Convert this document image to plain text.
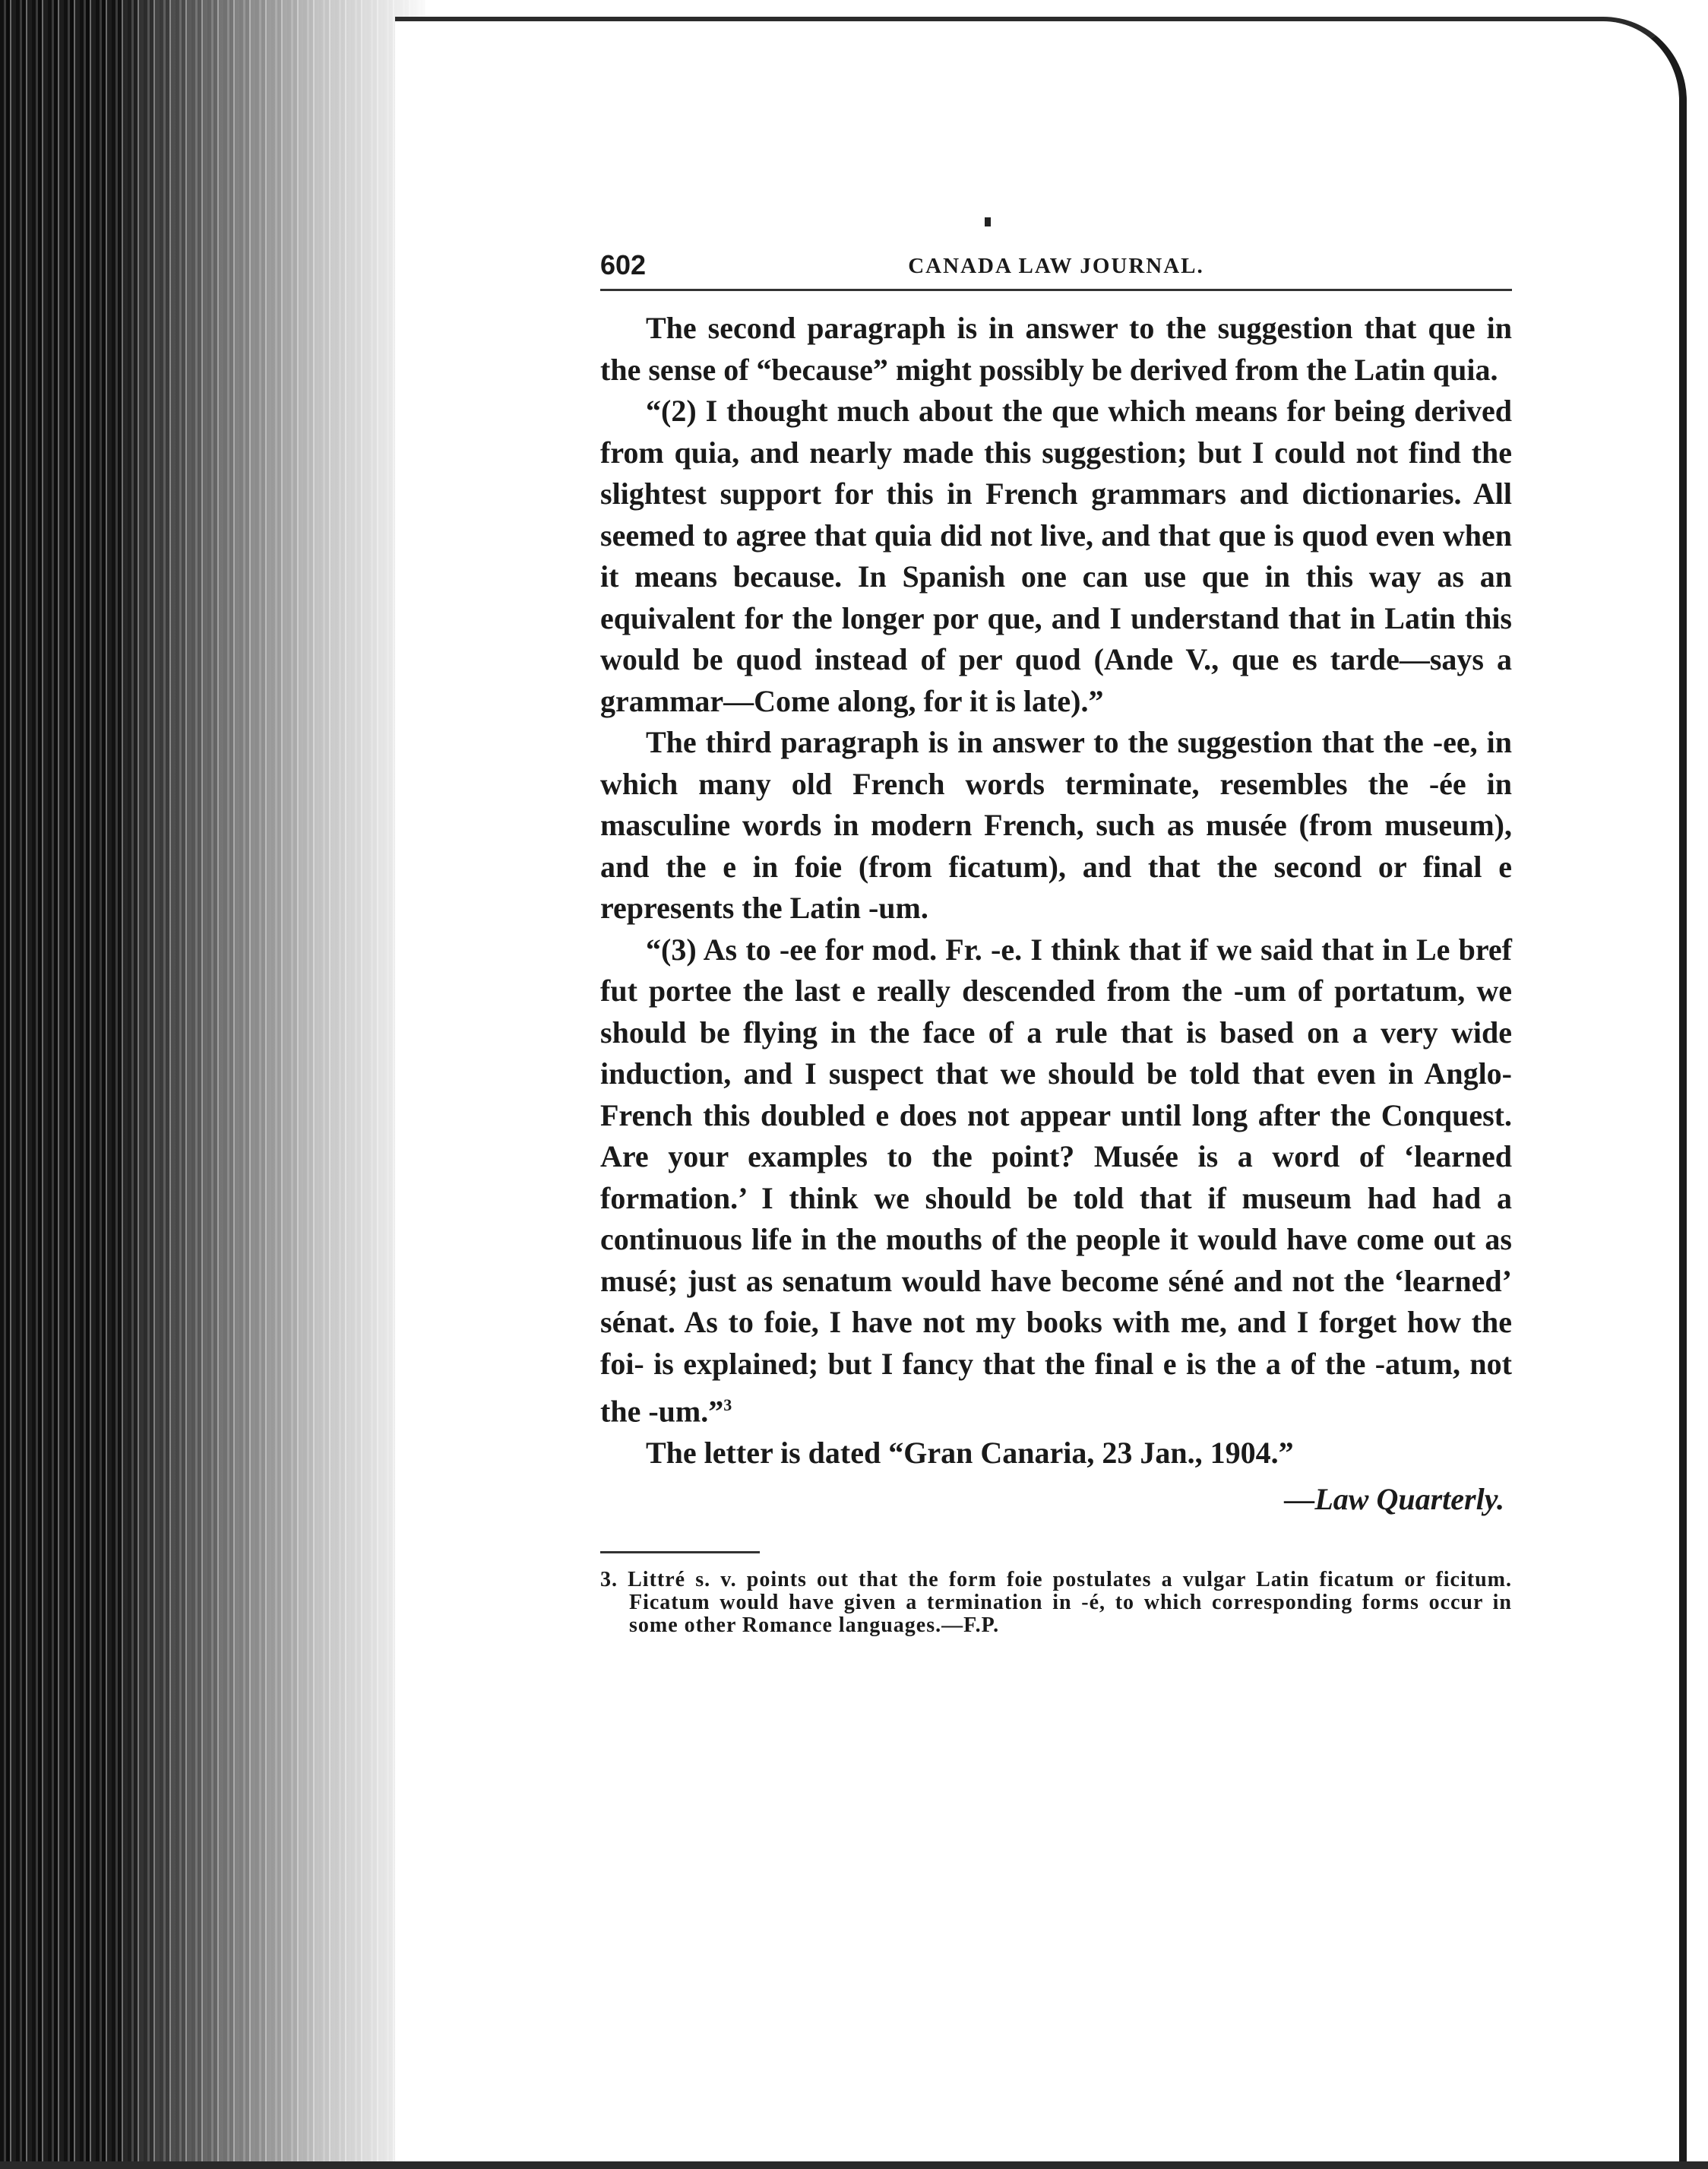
602	CANADA LAW JOURNAL.

The second paragraph is in answer to the suggestion that que in the sense of “because” might possibly be derived from the Latin quia.

“(2) I thought much about the que which means for being derived from quia, and nearly made this suggestion; but I could not find the slightest support for this in French grammars and dictionaries. All seemed to agree that quia did not live, and that que is quod even when it means because. In Spanish one can use que in this way as an equivalent for the longer por que, and I understand that in Latin this would be quod instead of per quod (Ande V., que es tarde—says a grammar—Come along, for it is late).”

The third paragraph is in answer to the suggestion that the -ee, in which many old French words terminate, resembles the -ée in masculine words in modern French, such as musée (from museum), and the e in foie (from ficatum), and that the second or final e represents the Latin -um.

“(3) As to -ee for mod. Fr. -e. I think that if we said that in Le bref fut portee the last e really descended from the -um of portatum, we should be flying in the face of a rule that is based on a very wide induction, and I suspect that we should be told that even in Anglo-French this doubled e does not appear until long after the Conquest. Are your examples to the point? Musée is a word of ‘learned formation.’ I think we should be told that if museum had had a continuous life in the mouths of the people it would have come out as musé; just as senatum would have become séné and not the ‘learned’ sénat. As to foie, I have not my books with me, and I forget how the foi- is explained; but I fancy that the final e is the a of the -atum, not the -um.”$^3$

The letter is dated “Gran Canaria, 23 Jan., 1904.”

—Law Quarterly.
3. Littré s. v. points out that the form foie postulates a vulgar Latin ficatum or ficitum. Ficatum would have given a termination in -é, to which corresponding forms occur in some other Romance languages.—F.P.
